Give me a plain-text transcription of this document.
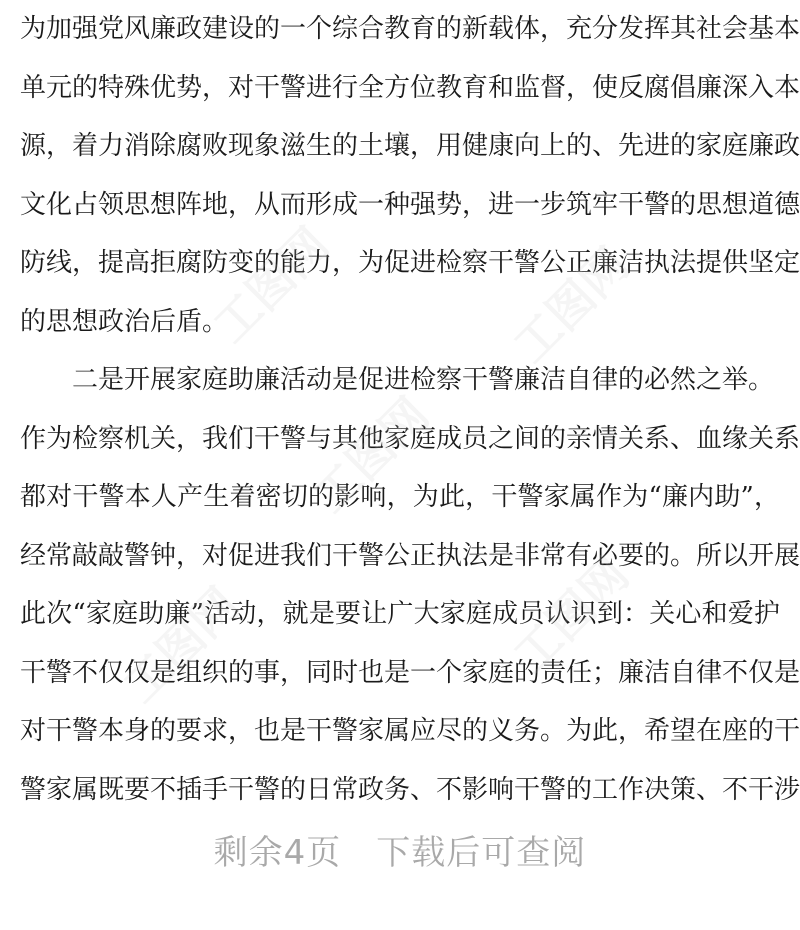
为加强党风廉政建设的一个综合教育的新载体，充分发挥其社会基本
单元的特殊优势，对干警进行全方位教育和监督，使反腐倡廉深入本
源，着力消除腐败现象滋生的土壤，用健康向上的、先进的家庭廉政
文化占领思想阵地，从而形成一种强势，进一步筑牢干警的思想道德
防线，提高拒腐防变的能力，为促进检察干警公正廉洁执法提供坚定
的思想政治后盾。
　　二是开展家庭助廉活动是促进检察干警廉洁自律的必然之举。
作为检察机关，我们干警与其他家庭成员之间的亲情关系、血缘关系
都对干警本人产生着密切的影响，为此，干警家属作为“廉内助”，
经常敲敲警钟，对促进我们干警公正执法是非常有必要的。所以开展
此次“家庭助廉”活动，就是要让广大家庭成员认识到：关心和爱护
干警不仅仅是组织的事，同时也是一个家庭的责任；廉洁自律不仅是
对干警本身的要求，也是干警家属应尽的义务。为此，希望在座的干
警家属既要不插手干警的日常政务、不影响干警的工作决策、不干涉
工图网	工图网
工图网
工图网	工图网
剩余4页　下载后可查阅
